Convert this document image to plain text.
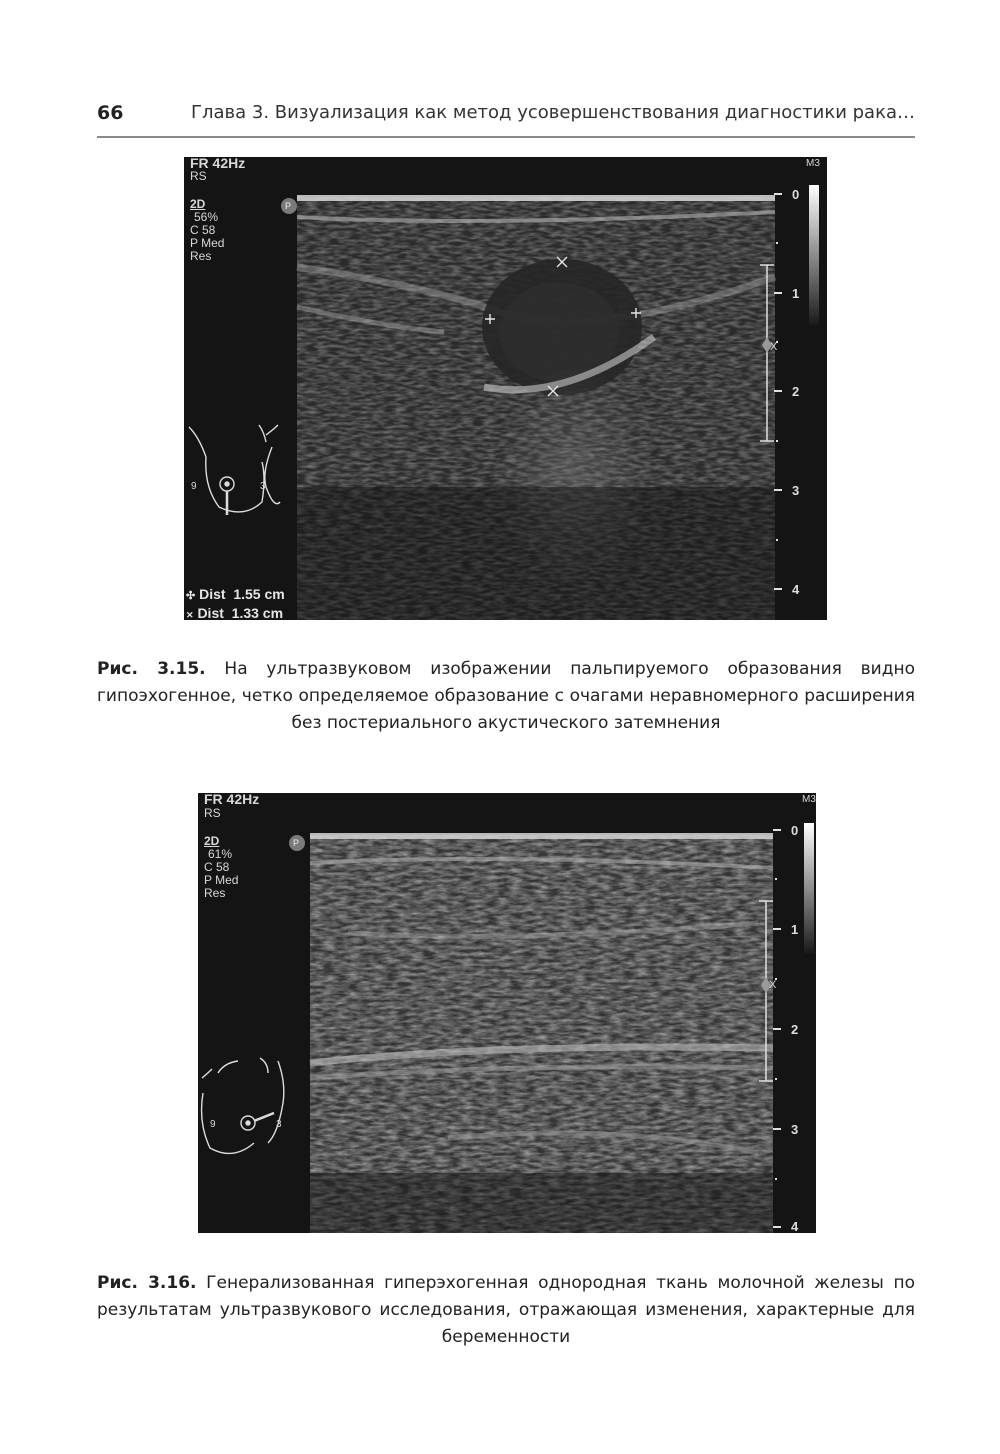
66	Глава 3. Визуализация как метод усовершенствования диагностики рака…
FR 42Hz
RS
2D
56%
C 58
P Med
Res
M3
P
X
9	3
0
1
2
3
4
✣ Dist 1.55 cm
✕ Dist 1.33 cm
Рис. 3.15. На ультразвуковом изображении пальпируемого образования видно гипоэхогенное, четко определяемое образование с очагами неравномерного расширения без постериального акустического затемнения
FR 42Hz
RS
2D
61%
C 58
P Med
Res
M3
P
X
9	3
0
1
2
3
4
Рис. 3.16. Генерализованная гиперэхогенная однородная ткань молочной железы по результатам ультразвукового исследования, отражающая изменения, характерные для беременности
